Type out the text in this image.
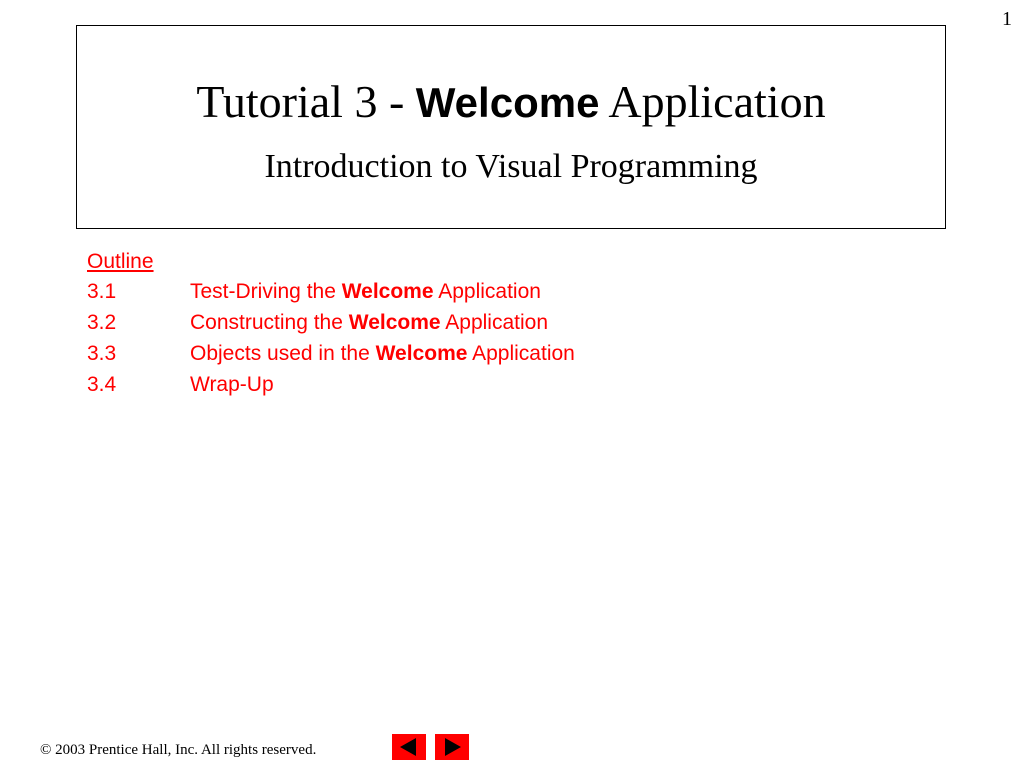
1
Tutorial 3 - Welcome Application
Introduction to Visual Programming
Outline
3.1	Test-Driving the Welcome Application
3.2	Constructing the Welcome Application
3.3	Objects used in the Welcome Application
3.4	Wrap-Up
© 2003 Prentice Hall, Inc. All rights reserved.
